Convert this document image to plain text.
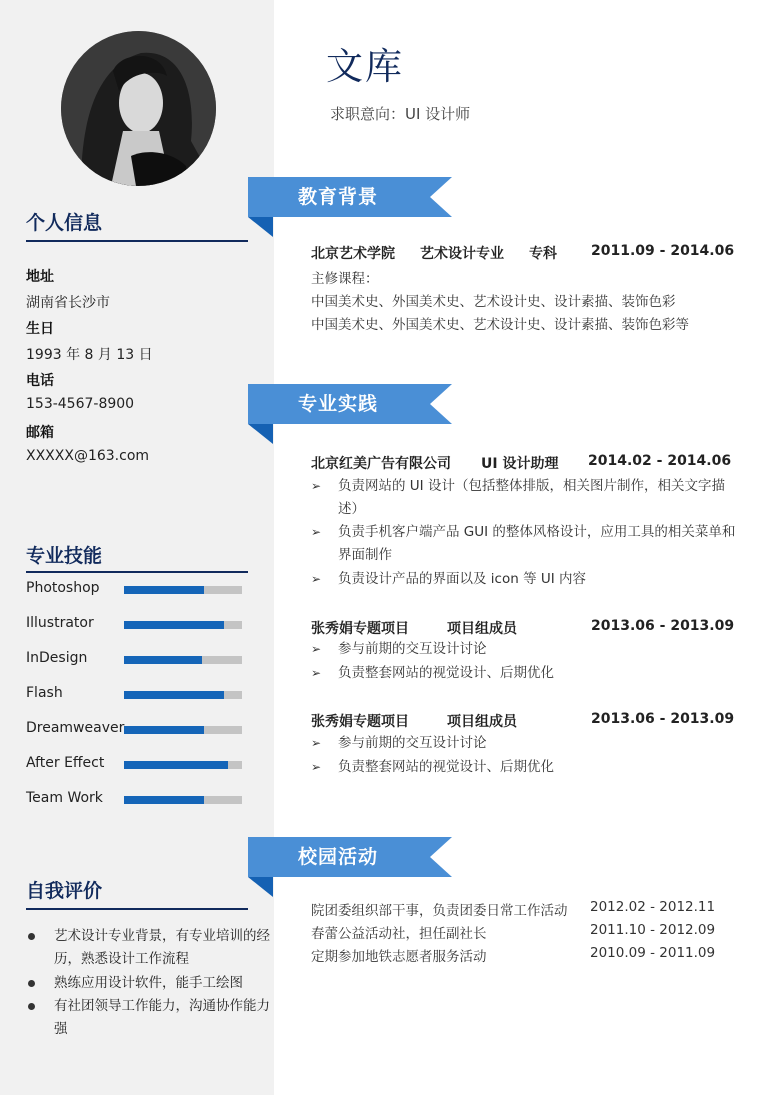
个人信息
地址
湖南省长沙市
生日
1993 年 8 月 13 日
电话
153-4567-8900
邮箱
XXXXX@163.com
专业技能
Photoshop
Illustrator
InDesign
Flash
Dreamweaver
After Effect
Team Work
自我评价
艺术设计专业背景，有专业培训的经历，熟悉设计工作流程
熟练应用设计软件，能手工绘图
有社团领导工作能力，沟通协作能力强
文库
求职意向：UI 设计师
教育背景
北京艺术学院 艺术设计专业 专科 2011.09 - 2014.06
主修课程：
中国美术史、外国美术史、艺术设计史、设计素描、装饰色彩
中国美术史、外国美术史、艺术设计史、设计素描、装饰色彩等
专业实践
北京红美广告有限公司 UI 设计助理 2014.02 - 2014.06
➢ 负责网站的 UI 设计（包括整体排版，相关图片制作，相关文字描述）
➢ 负责手机客户端产品 GUI 的整体风格设计，应用工具的相关菜单和界面制作
➢ 负责设计产品的界面以及 icon 等 UI 内容
张秀娟专题项目	项目组成员	2013.06 - 2013.09
➢ 参与前期的交互设计讨论
➢ 负责整套网站的视觉设计、后期优化
张秀娟专题项目	项目组成员	2013.06 - 2013.09
➢ 参与前期的交互设计讨论
➢ 负责整套网站的视觉设计、后期优化
校园活动
院团委组织部干事，负责团委日常工作活动 2012.02 - 2012.11
春蕾公益活动社，担任副社长	2011.10 - 2012.09
定期参加地铁志愿者服务活动	2010.09 - 2011.09
